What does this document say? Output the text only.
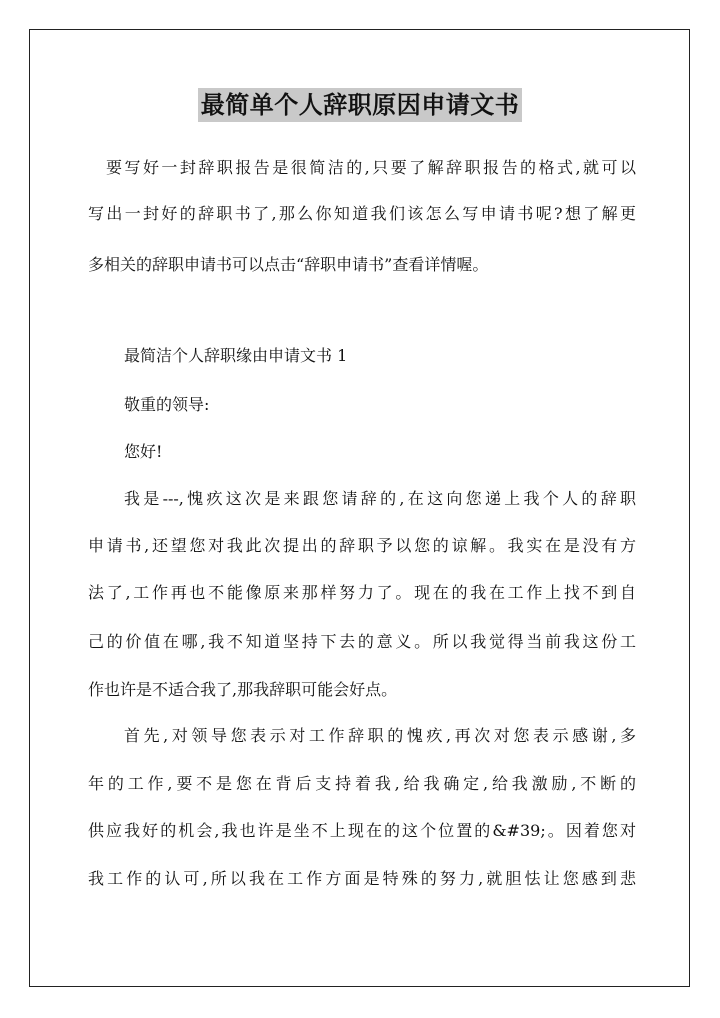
最简单个人辞职原因申请文书
要写好一封辞职报告是很简洁的,只要了解辞职报告的格式,就可以
写出一封好的辞职书了,那么你知道我们该怎么写申请书呢?想了解更
多相关的辞职申请书可以点击“辞职申请书”查看详情喔。
最简洁个人辞职缘由申请文书 1
敬重的领导:
您好!
我是---,愧疚这次是来跟您请辞的,在这向您递上我个人的辞职
申请书,还望您对我此次提出的辞职予以您的谅解。我实在是没有方
法了,工作再也不能像原来那样努力了。现在的我在工作上找不到自
己的价值在哪,我不知道坚持下去的意义。所以我觉得当前我这份工
作也许是不适合我了,那我辞职可能会好点。
首先,对领导您表示对工作辞职的愧疚,再次对您表示感谢,多
年的工作,要不是您在背后支持着我,给我确定,给我激励,不断的
供应我好的机会,我也许是坐不上现在的这个位置的&#39;。因着您对
我工作的认可,所以我在工作方面是特殊的努力,就胆怯让您感到悲
